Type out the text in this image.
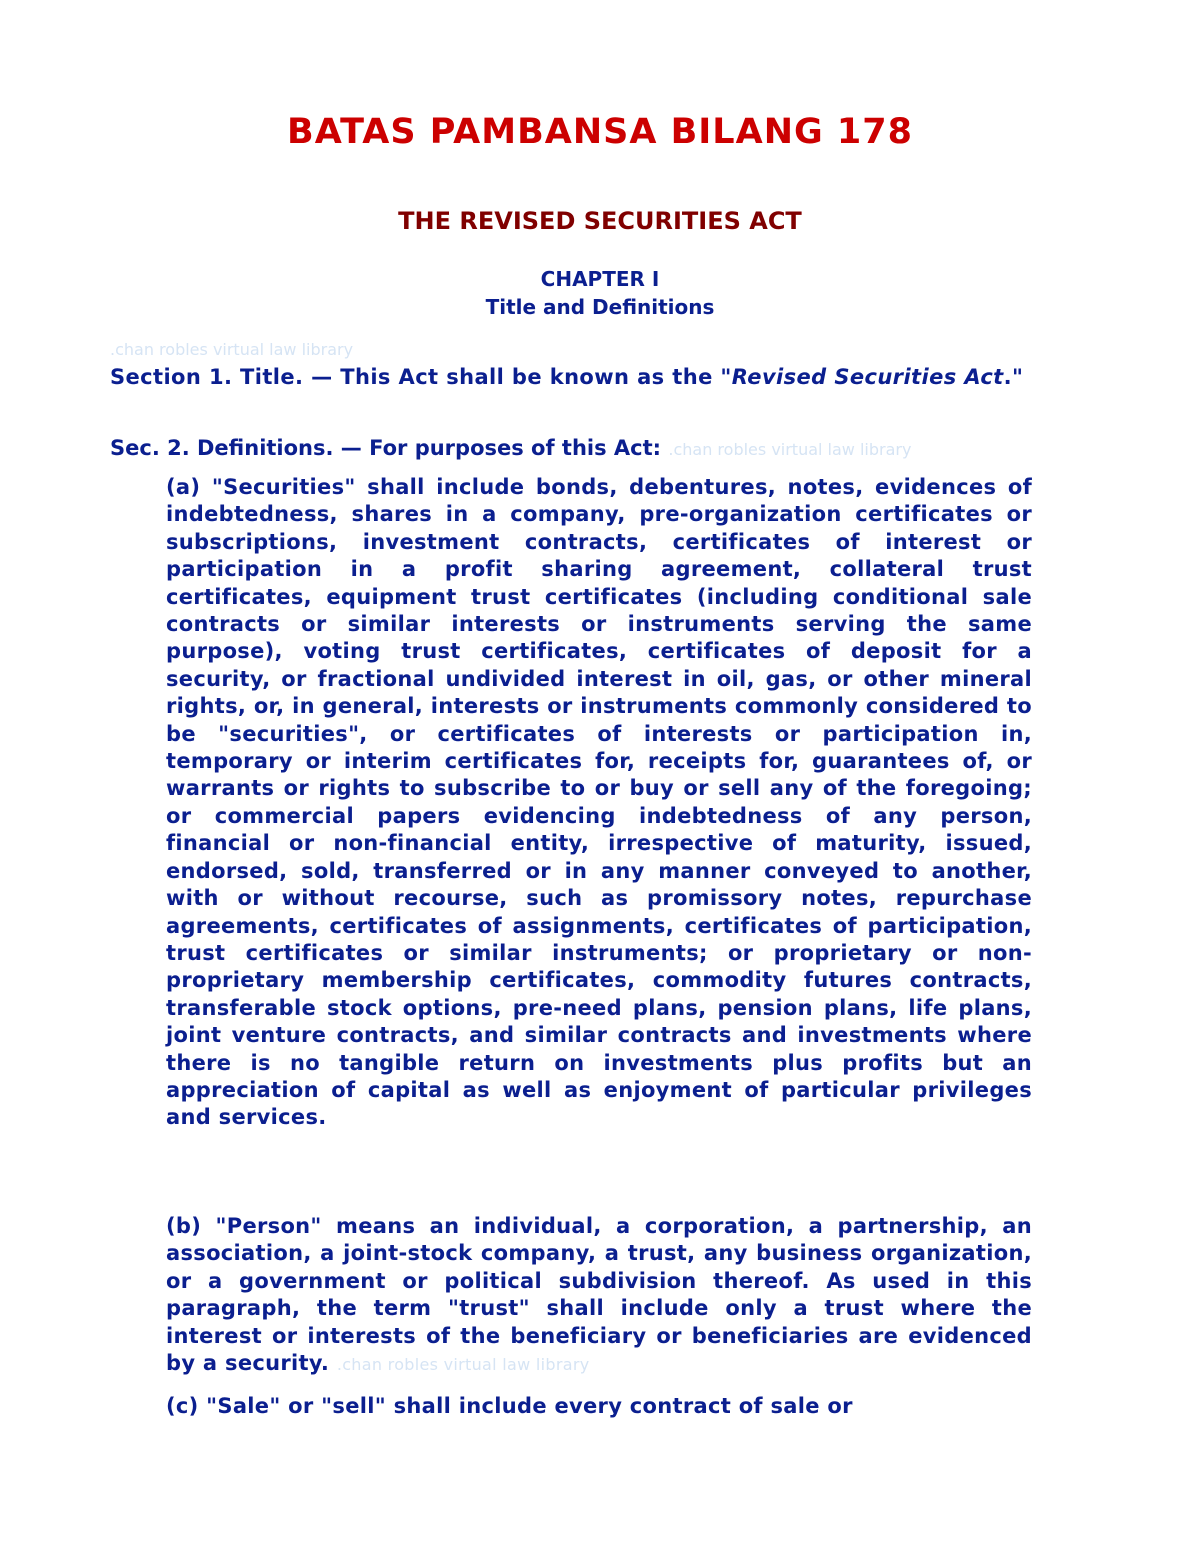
BATAS PAMBANSA BILANG 178
THE REVISED SECURITIES ACT
CHAPTER I
Title and Definitions
.chan robles virtual law library
Section 1. Title. — This Act shall be known as the "Revised Securities Act."
Sec. 2. Definitions. — For purposes of this Act: .chan robles virtual law library
(a) "Securities" shall include bonds, debentures, notes, evidences of indebtedness, shares in a company, pre-organization certificates or subscriptions, investment contracts, certificates of interest or participation in a profit sharing agreement, collateral trust certificates, equipment trust certificates (including conditional sale contracts or similar interests or instruments serving the same purpose), voting trust certificates, certificates of deposit for a security, or fractional undivided interest in oil, gas, or other mineral rights, or, in general, interests or instruments commonly considered to be "securities", or certificates of interests or participation in, temporary or interim certificates for, receipts for, guarantees of, or warrants or rights to subscribe to or buy or sell any of the foregoing; or commercial papers evidencing indebtedness of any person, financial or non-financial entity, irrespective of maturity, issued, endorsed, sold, transferred or in any manner conveyed to another, with or without recourse, such as promissory notes, repurchase agreements, certificates of assignments, certificates of participation, trust certificates or similar instruments; or proprietary or non-proprietary membership certificates, commodity futures contracts, transferable stock options, pre-need plans, pension plans, life plans, joint venture contracts, and similar contracts and investments where there is no tangible return on investments plus profits but an appreciation of capital as well as enjoyment of particular privileges and services.
(b) "Person" means an individual, a corporation, a partnership, an association, a joint-stock company, a trust, any business organization, or a government or political subdivision thereof. As used in this paragraph, the term "trust" shall include only a trust where the interest or interests of the beneficiary or beneficiaries are evidenced by a security. .chan robles virtual law library
(c) "Sale" or "sell" shall include every contract of sale or
